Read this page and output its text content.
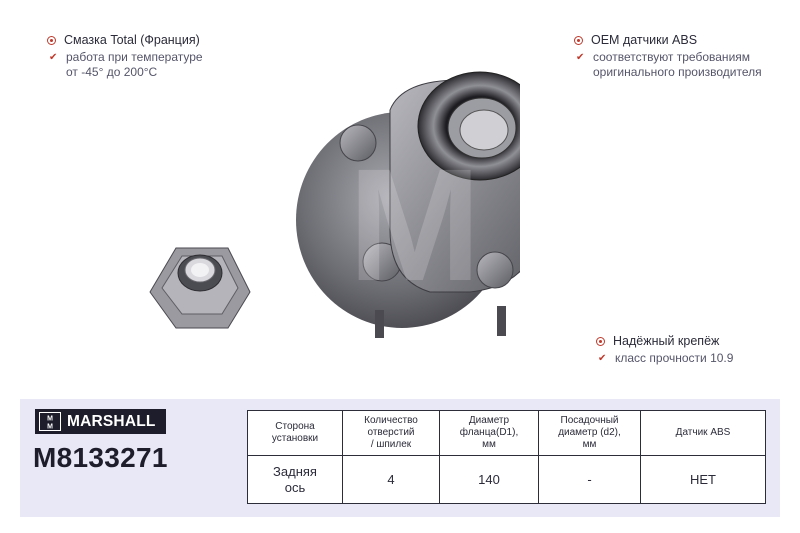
Смазка Total (Франция)
✔ работа при температуре
от -45° до 200°С
ОЕМ датчики ABS
✔ соответствуют требованиям
оригинального производителя
Надёжный крепёж
✔ класс прочности 10.9
M
M
M MARSHALL
M8133271
Сторона
установки	Количество
отверстий
/ шпилек	Диаметр
фланца(D1),
мм	Посадочный
диаметр (d2),
мм	Датчик ABS
Задняя
ось	4	140	-	НЕТ
